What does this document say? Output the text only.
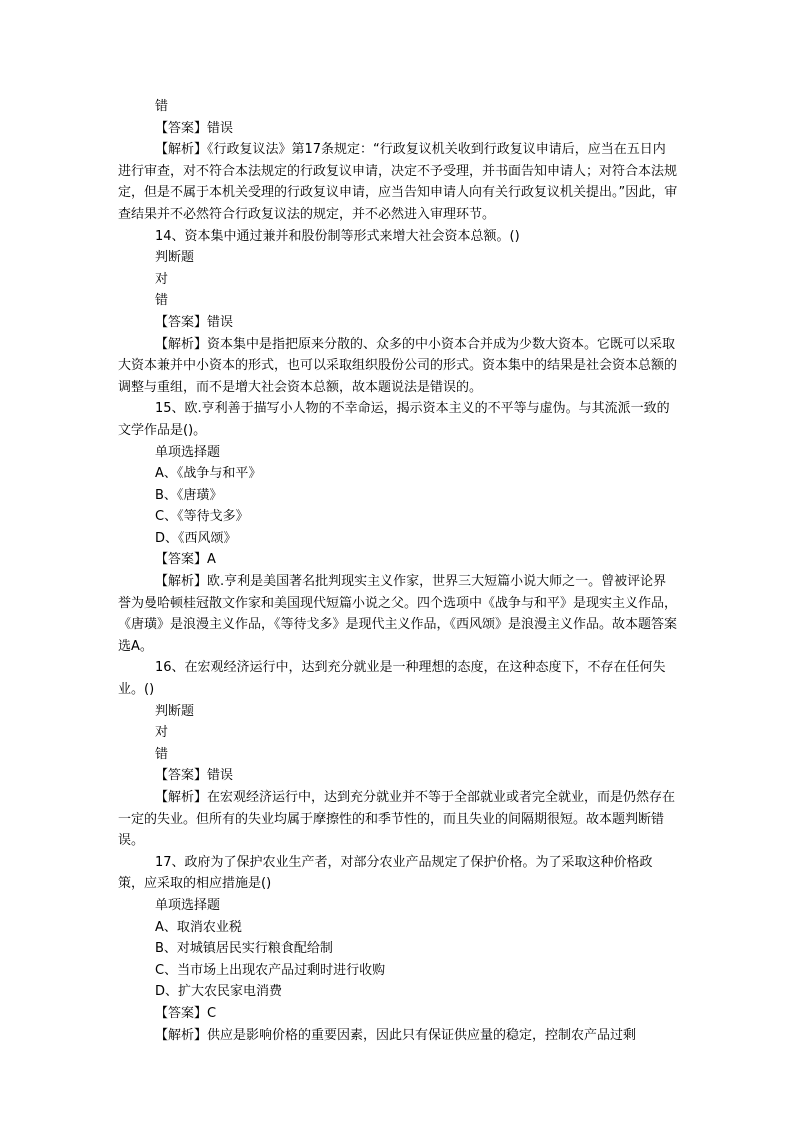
错
【答案】错误
【解析】《行政复议法》第17条规定：“行政复议机关收到行政复议申请后，应当在五日内进行审查，对不符合本法规定的行政复议申请，决定不予受理，并书面告知申请人；对符合本法规定，但是不属于本机关受理的行政复议申请，应当告知申请人向有关行政复议机关提出。”因此，审查结果并不必然符合行政复议法的规定，并不必然进入审理环节。
14、资本集中通过兼并和股份制等形式来增大社会资本总额。()
判断题
对
错
【答案】错误
【解析】资本集中是指把原来分散的、众多的中小资本合并成为少数大资本。它既可以采取大资本兼并中小资本的形式，也可以采取组织股份公司的形式。资本集中的结果是社会资本总额的调整与重组，而不是增大社会资本总额，故本题说法是错误的。
15、欧.亨利善于描写小人物的不幸命运，揭示资本主义的不平等与虚伪。与其流派一致的文学作品是()。
单项选择题
A、《战争与和平》
B、《唐璜》
C、《等待戈多》
D、《西风颂》
【答案】A
【解析】欧.亨利是美国著名批判现实主义作家，世界三大短篇小说大师之一。曾被评论界誉为曼哈顿桂冠散文作家和美国现代短篇小说之父。四个选项中《战争与和平》是现实主义作品，《唐璜》是浪漫主义作品，《等待戈多》是现代主义作品，《西风颂》是浪漫主义作品。故本题答案选A。
16、在宏观经济运行中，达到充分就业是一种理想的态度，在这种态度下，不存在任何失业。()
判断题
对
错
【答案】错误
【解析】在宏观经济运行中，达到充分就业并不等于全部就业或者完全就业，而是仍然存在一定的失业。但所有的失业均属于摩擦性的和季节性的，而且失业的间隔期很短。故本题判断错误。
17、政府为了保护农业生产者，对部分农业产品规定了保护价格。为了采取这种价格政策，应采取的相应措施是()
单项选择题
A、取消农业税
B、对城镇居民实行粮食配给制
C、当市场上出现农产品过剩时进行收购
D、扩大农民家电消费
【答案】C
【解析】供应是影响价格的重要因素，因此只有保证供应量的稳定，控制农产品过剩
